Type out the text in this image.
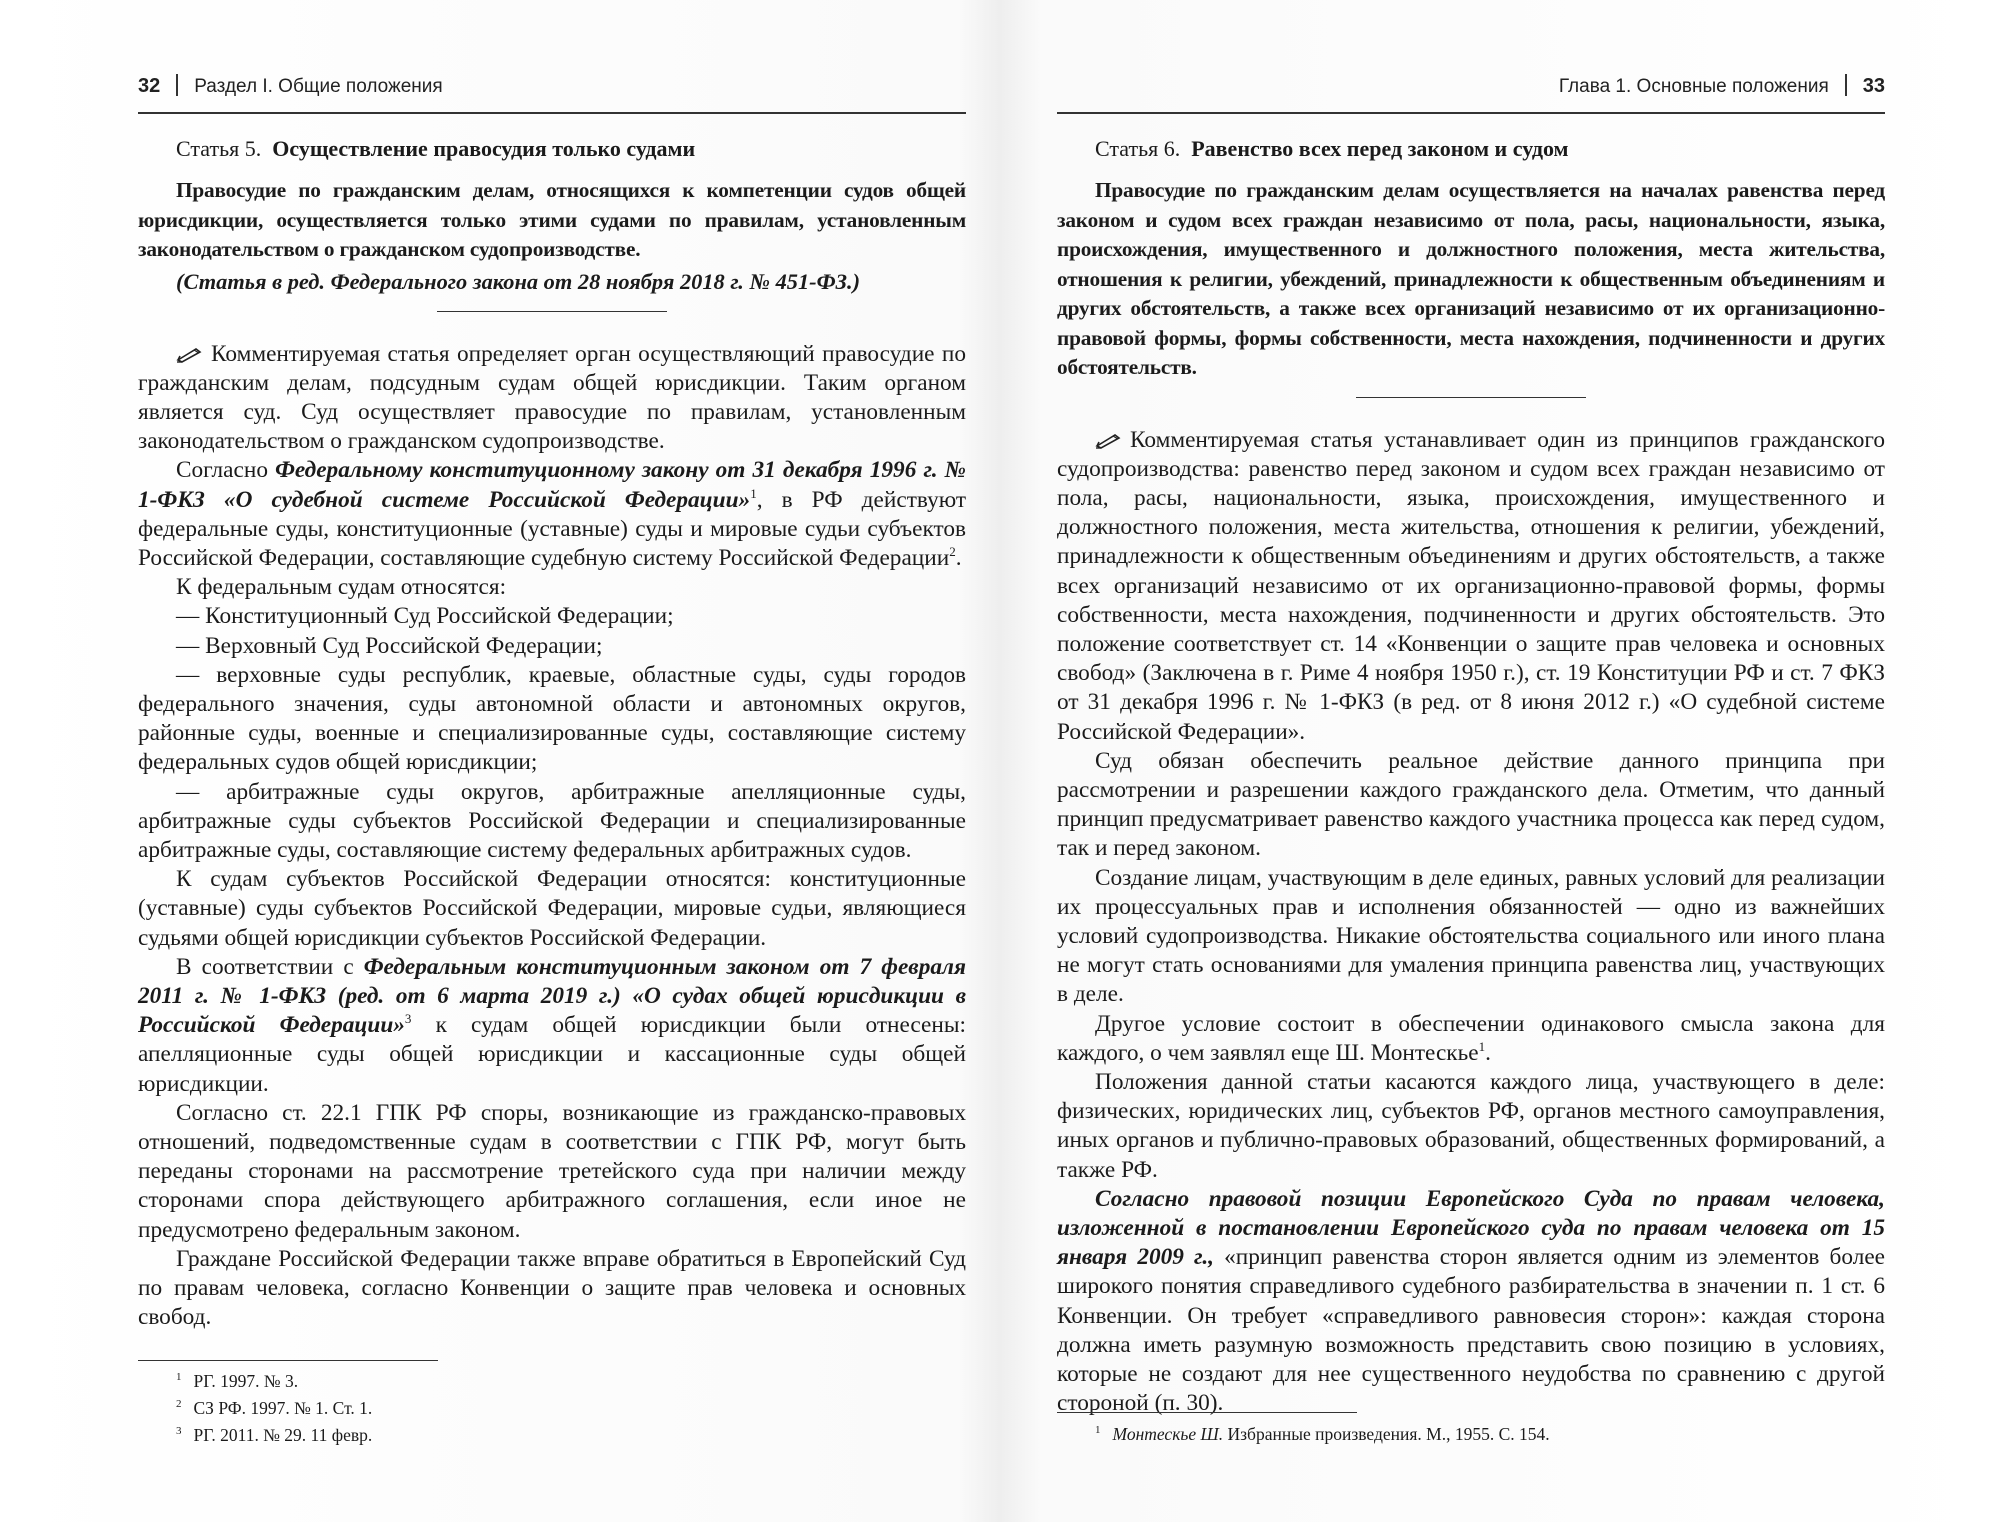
32 Раздел I. Общие положения
Статья 5. Осуществление правосудия только судами

Правосудие по гражданским делам, относящихся к компетенции судов общей юрисдикции, осуществляется только этими судами по правилам, установленным законодательством о гражданском судопроизводстве.

(Статья в ред. Федерального закона от 28 ноября 2018 г. № 451-ФЗ.)

Комментируемая статья определяет орган осуществляющий правосудие по гражданским делам, подсудным судам общей юрисдикции. Таким органом является суд. Суд осуществляет правосудие по правилам, установленным законодательством о гражданском судопроизводстве.

Согласно Федеральному конституционному закону от 31 декабря 1996 г. № 1-ФКЗ «О судебной системе Российской Федерации»$^1$, в РФ действуют федеральные суды, конституционные (уставные) суды и мировые судьи субъектов Российской Федерации, составляющие судебную систему Российской Федерации$^2$.

К федеральным судам относятся:

— Конституционный Суд Российской Федерации;

— Верховный Суд Российской Федерации;

— верховные суды республик, краевые, областные суды, суды городов федерального значения, суды автономной области и автономных округов, районные суды, военные и специализированные суды, составляющие систему федеральных судов общей юрисдикции;

— арбитражные суды округов, арбитражные апелляционные суды, арбитражные суды субъектов Российской Федерации и специализированные арбитражные суды, составляющие систему федеральных арбитражных судов.

К судам субъектов Российской Федерации относятся: конституционные (уставные) суды субъектов Российской Федерации, мировые судьи, являющиеся судьями общей юрисдикции субъектов Российской Федерации.

В соответствии с Федеральным конституционным законом от 7 февраля 2011 г. № 1-ФКЗ (ред. от 6 марта 2019 г.) «О судах общей юрисдикции в Российской Федерации»$^3$ к судам общей юрисдикции были отнесены: апелляционные суды общей юрисдикции и кассационные суды общей юрисдикции.

Согласно ст. 22.1 ГПК РФ споры, возникающие из гражданско-правовых отношений, подведомственные судам в соответствии с ГПК РФ, могут быть переданы сторонами на рассмотрение третейского суда при наличии между сторонами спора действующего арбитражного соглашения, если иное не предусмотрено федеральным законом.

Граждане Российской Федерации также вправе обратиться в Европейский Суд по правам человека, согласно Конвенции о защите прав человека и основных свобод.

$^1$ РГ. 1997. № 3.

$^2$ СЗ РФ. 1997. № 1. Ст. 1.

$^3$ РГ. 2011. № 29. 11 февр.

Глава 1. Основные положения 33
Статья 6. Равенство всех перед законом и судом

Правосудие по гражданским делам осуществляется на началах равенства перед законом и судом всех граждан независимо от пола, расы, национальности, языка, происхождения, имущественного и должностного положения, места жительства, отношения к религии, убеждений, принадлежности к общественным объединениям и других обстоятельств, а также всех организаций независимо от их организационно-правовой формы, формы собственности, места нахождения, подчиненности и других обстоятельств.

Комментируемая статья устанавливает один из принципов гражданского судопроизводства: равенство перед законом и судом всех граждан независимо от пола, расы, национальности, языка, происхождения, имущественного и должностного положения, места жительства, отношения к религии, убеждений, принадлежности к общественным объединениям и других обстоятельств, а также всех организаций независимо от их организационно-правовой формы, формы собственности, места нахождения, подчиненности и других обстоятельств. Это положение соответствует ст. 14 «Конвенции о защите прав человека и основных свобод» (Заключена в г. Риме 4 ноября 1950 г.), ст. 19 Конституции РФ и ст. 7 ФКЗ от 31 декабря 1996 г. № 1-ФКЗ (в ред. от 8 июня 2012 г.) «О судебной системе Российской Федерации».

Суд обязан обеспечить реальное действие данного принципа при рассмотрении и разрешении каждого гражданского дела. Отметим, что данный принцип предусматривает равенство каждого участника процесса как перед судом, так и перед законом.

Создание лицам, участвующим в деле единых, равных условий для реализации их процессуальных прав и исполнения обязанностей — одно из важнейших условий судопроизводства. Никакие обстоятельства социального или иного плана не могут стать основаниями для умаления принципа равенства лиц, участвующих в деле.

Другое условие состоит в обеспечении одинакового смысла закона для каждого, о чем заявлял еще Ш. Монтескье$^1$.

Положения данной статьи касаются каждого лица, участвующего в деле: физических, юридических лиц, субъектов РФ, органов местного самоуправления, иных органов и публично-правовых образований, общественных формирований, а также РФ.

Согласно правовой позиции Европейского Суда по правам человека, изложенной в постановлении Европейского суда по правам человека от 15 января 2009 г., «принцип равенства сторон является одним из элементов более широкого понятия справедливого судебного разбирательства в значении п. 1 ст. 6 Конвенции. Он требует «справедливого равновесия сторон»: каждая сторона должна иметь разумную возможность представить свою позицию в условиях, которые не создают для нее существенного неудобства по сравнению с другой стороной (п. 30).

$^1$ Монтескье Ш. Избранные произведения. М., 1955. С. 154.
